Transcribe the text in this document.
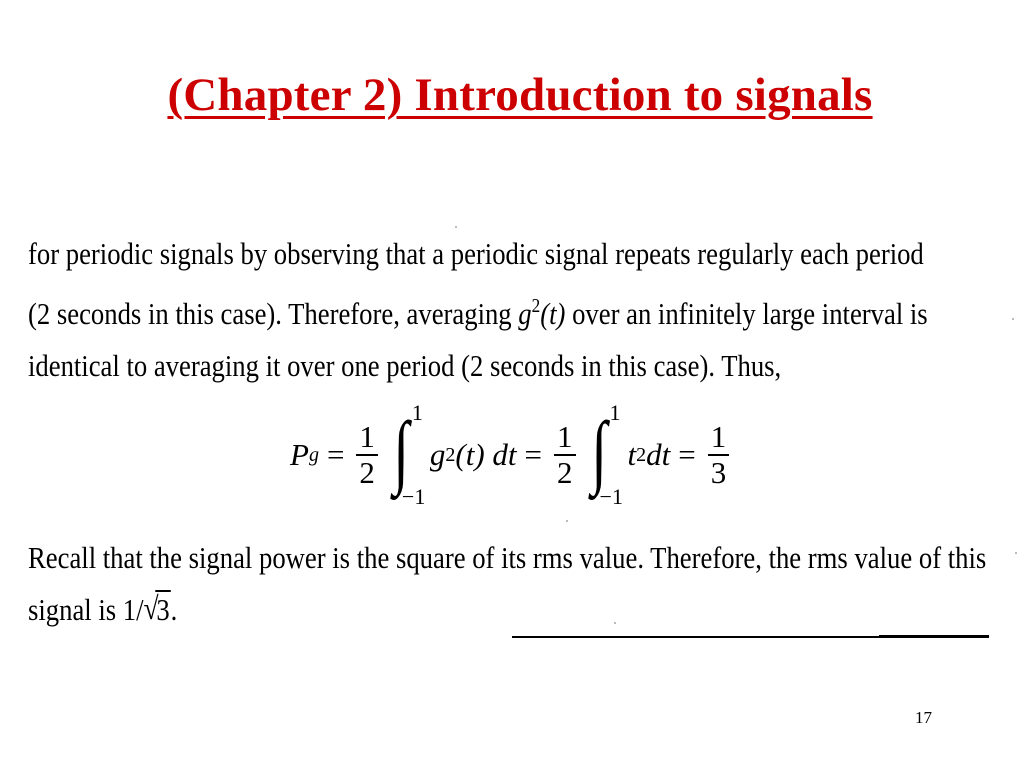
(Chapter 2) Introduction to signals
for periodic signals by observing that a periodic signal repeats regularly each period
(2 seconds in this case). Therefore, averaging $g^2(t)$ over an infinitely large interval is
identical to averaging it over one period (2 seconds in this case). Thus,
P $g = \frac{1}{2}$ ∫ 1
−1
g 2 (t) dt = $\frac{1}{2}$ ∫ 1
−1
t 2 dt = $\frac{1}{3}$
Recall that the signal power is the square of its rms value. Therefore, the rms value of this
signal is 1/ √
3.
17
